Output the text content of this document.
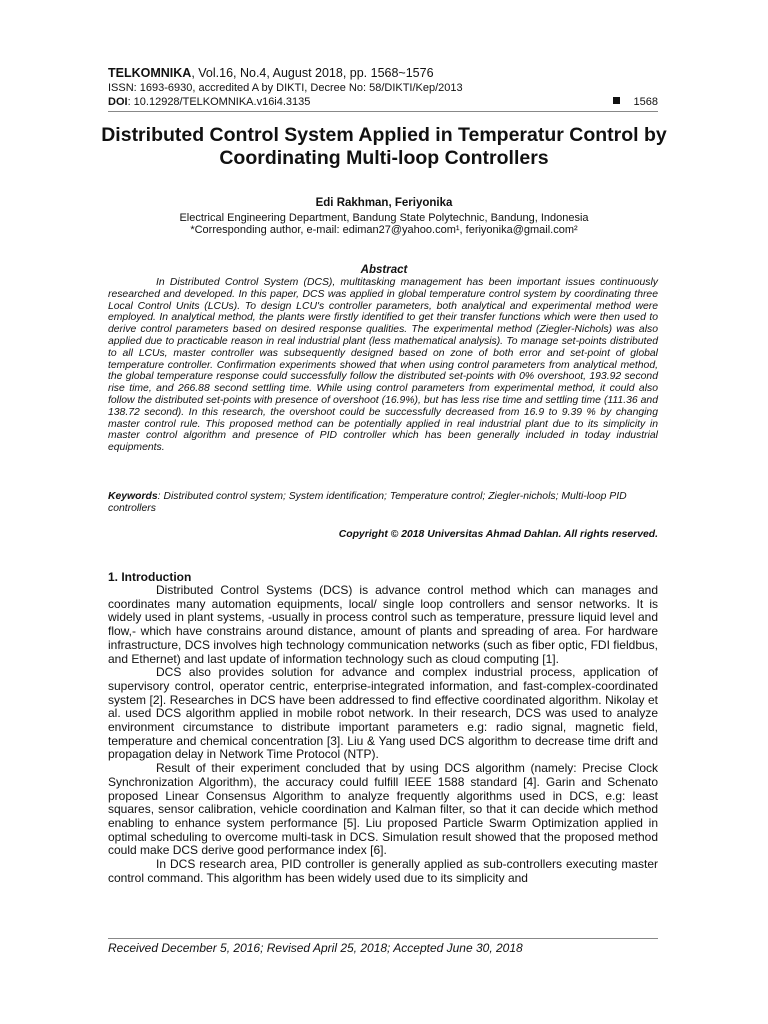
TELKOMNIKA, Vol.16, No.4, August 2018, pp. 1568~1576
ISSN: 1693-6930, accredited A by DIKTI, Decree No: 58/DIKTI/Kep/2013
DOI: 10.12928/TELKOMNIKA.v16i4.3135	1568
Distributed Control System Applied in Temperatur Control by Coordinating Multi-loop Controllers
Edi Rakhman, Feriyonika
Electrical Engineering Department, Bandung State Polytechnic, Bandung, Indonesia
*Corresponding author, e-mail: ediman27@yahoo.com¹, feriyonika@gmail.com²
Abstract

In Distributed Control System (DCS), multitasking management has been important issues continuously researched and developed. In this paper, DCS was applied in global temperature control system by coordinating three Local Control Units (LCUs). To design LCU's controller parameters, both analytical and experimental method were employed. In analytical method, the plants were firstly identified to get their transfer functions which were then used to derive control parameters based on desired response qualities. The experimental method (Ziegler-Nichols) was also applied due to practicable reason in real industrial plant (less mathematical analysis). To manage set-points distributed to all LCUs, master controller was subsequently designed based on zone of both error and set-point of global temperature controller. Confirmation experiments showed that when using control parameters from analytical method, the global temperature response could successfully follow the distributed set-points with 0% overshoot, 193.92 second rise time, and 266.88 second settling time. While using control parameters from experimental method, it could also follow the distributed set-points with presence of overshoot (16.9%), but has less rise time and settling time (111.36 and 138.72 second). In this research, the overshoot could be successfully decreased from 16.9 to 9.39 % by changing master control rule. This proposed method can be potentially applied in real industrial plant due to its simplicity in master control algorithm and presence of PID controller which has been generally included in today industrial equipments.

Keywords: Distributed control system; System identification; Temperature control; Ziegler-nichols; Multi-loop PID controllers

Copyright © 2018 Universitas Ahmad Dahlan. All rights reserved.
1. Introduction

Distributed Control Systems (DCS) is advance control method which can manages and coordinates many automation equipments, local/ single loop controllers and sensor networks. It is widely used in plant systems, -usually in process control such as temperature, pressure liquid level and flow,- which have constrains around distance, amount of plants and spreading of area. For hardware infrastructure, DCS involves high technology communication networks (such as fiber optic, FDI fieldbus, and Ethernet) and last update of information technology such as cloud computing [1].

DCS also provides solution for advance and complex industrial process, application of supervisory control, operator centric, enterprise-integrated information, and fast-complex-coordinated system [2]. Researches in DCS have been addressed to find effective coordinated algorithm. Nikolay et al. used DCS algorithm applied in mobile robot network. In their research, DCS was used to analyze environment circumstance to distribute important parameters e.g: radio signal, magnetic field, temperature and chemical concentration [3]. Liu & Yang used DCS algorithm to decrease time drift and propagation delay in Network Time Protocol (NTP).

Result of their experiment concluded that by using DCS algorithm (namely: Precise Clock Synchronization Algorithm), the accuracy could fulfill IEEE 1588 standard [4]. Garin and Schenato proposed Linear Consensus Algorithm to analyze frequently algorithms used in DCS, e.g: least squares, sensor calibration, vehicle coordination and Kalman filter, so that it can decide which method enabling to enhance system performance [5]. Liu proposed Particle Swarm Optimization applied in optimal scheduling to overcome multi-task in DCS. Simulation result showed that the proposed method could make DCS derive good performance index [6].

In DCS research area, PID controller is generally applied as sub-controllers executing master control command. This algorithm has been widely used due to its simplicity and

Received December 5, 2016; Revised April 25, 2018; Accepted June 30, 2018
